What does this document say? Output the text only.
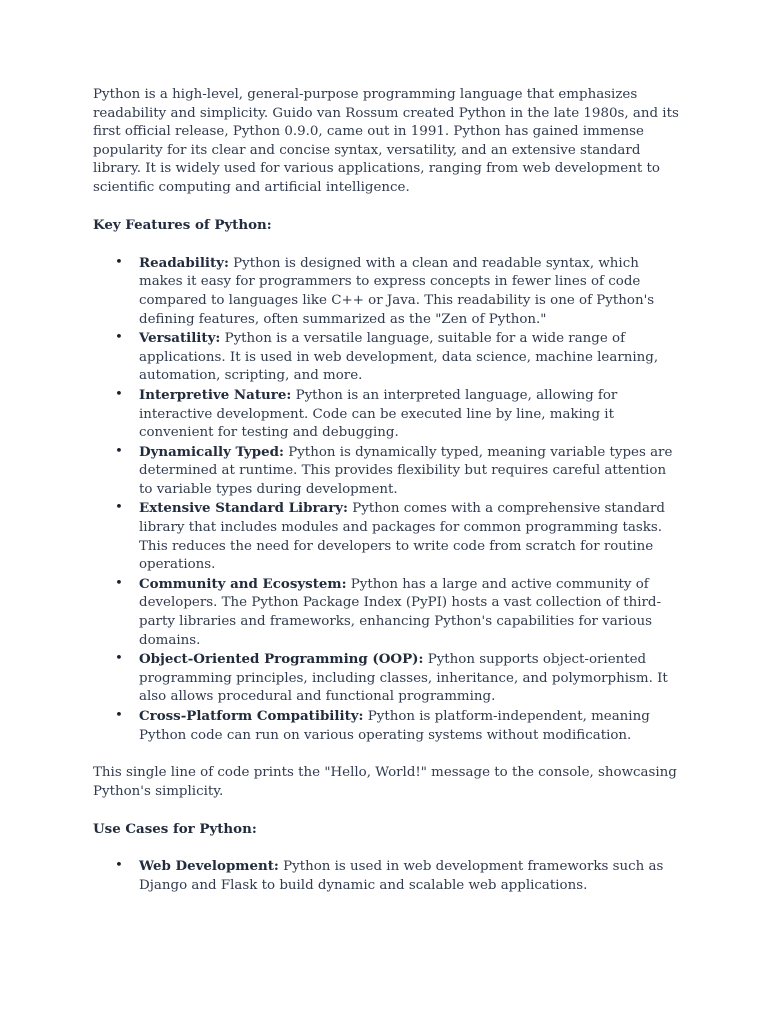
Python is a high-level, general-purpose programming language that emphasizes readability and simplicity. Guido van Rossum created Python in the late 1980s, and its first official release, Python 0.9.0, came out in 1991. Python has gained immense popularity for its clear and concise syntax, versatility, and an extensive standard library. It is widely used for various applications, ranging from web development to scientific computing and artificial intelligence.

Key Features of Python:

• Readability: Python is designed with a clean and readable syntax, which makes it easy for programmers to express concepts in fewer lines of code compared to languages like C++ or Java. This readability is one of Python's defining features, often summarized as the "Zen of Python."
• Versatility: Python is a versatile language, suitable for a wide range of applications. It is used in web development, data science, machine learning, automation, scripting, and more.
• Interpretive Nature: Python is an interpreted language, allowing for interactive development. Code can be executed line by line, making it convenient for testing and debugging.
• Dynamically Typed: Python is dynamically typed, meaning variable types are determined at runtime. This provides flexibility but requires careful attention to variable types during development.
• Extensive Standard Library: Python comes with a comprehensive standard library that includes modules and packages for common programming tasks. This reduces the need for developers to write code from scratch for routine operations.
• Community and Ecosystem: Python has a large and active community of developers. The Python Package Index (PyPI) hosts a vast collection of third-party libraries and frameworks, enhancing Python's capabilities for various domains.
• Object-Oriented Programming (OOP): Python supports object-oriented programming principles, including classes, inheritance, and polymorphism. It also allows procedural and functional programming.
• Cross-Platform Compatibility: Python is platform-independent, meaning Python code can run on various operating systems without modification.

This single line of code prints the "Hello, World!" message to the console, showcasing Python's simplicity.

Use Cases for Python:

• Web Development: Python is used in web development frameworks such as Django and Flask to build dynamic and scalable web applications.
